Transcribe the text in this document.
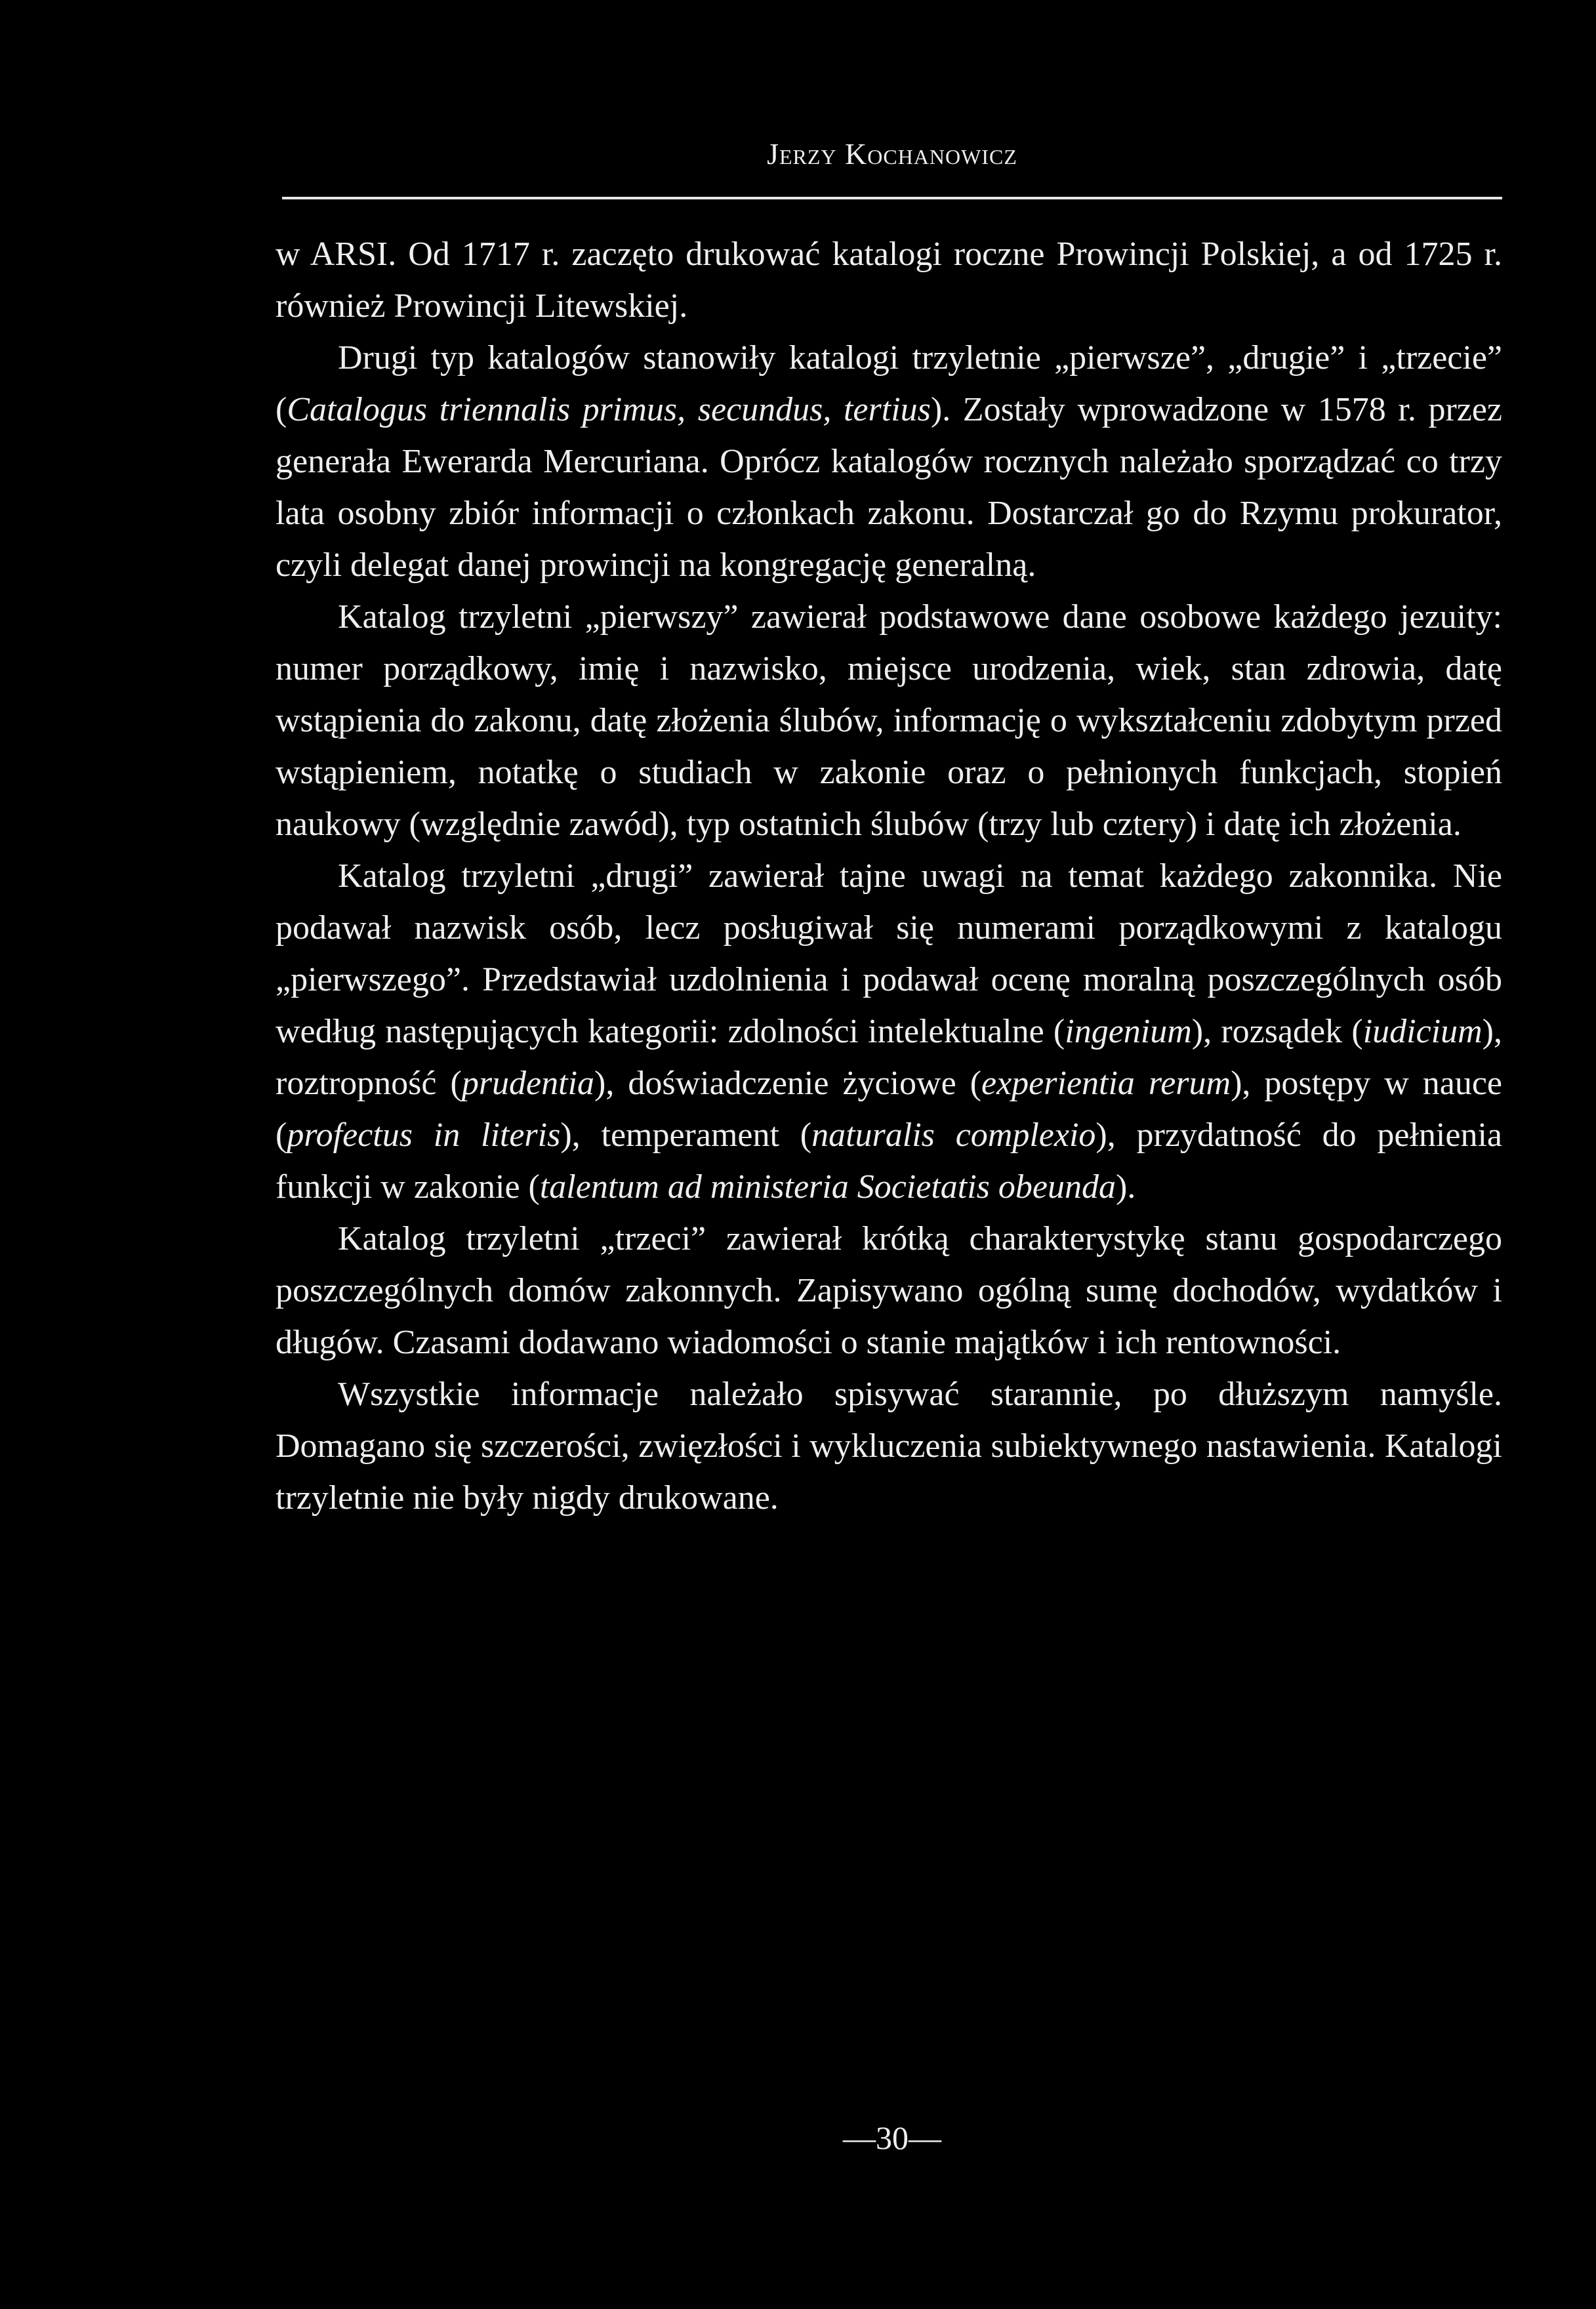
Jerzy Kochanowicz

w ARSI. Od 1717 r. zaczęto drukować katalogi roczne Prowincji Polskiej, a od 1725 r. również Prowincji Litewskiej.

Drugi typ katalogów stanowiły katalogi trzyletnie „pierwsze”, „drugie” i „trzecie” (Catalogus triennalis primus, secundus, tertius). Zostały wprowadzone w 1578 r. przez generała Ewerarda Mercuriana. Oprócz katalogów rocznych należało sporządzać co trzy lata osobny zbiór informacji o członkach zakonu. Dostarczał go do Rzymu prokurator, czyli delegat danej prowincji na kongregację generalną.

Katalog trzyletni „pierwszy” zawierał podstawowe dane osobowe każdego jezuity: numer porządkowy, imię i nazwisko, miejsce urodzenia, wiek, stan zdrowia, datę wstąpienia do zakonu, datę złożenia ślubów, informację o wykształceniu zdobytym przed wstąpieniem, notatkę o studiach w zakonie oraz o pełnionych funkcjach, stopień naukowy (względnie zawód), typ ostatnich ślubów (trzy lub cztery) i datę ich złożenia.

Katalog trzyletni „drugi” zawierał tajne uwagi na temat każdego zakonnika. Nie podawał nazwisk osób, lecz posługiwał się numerami porządkowymi z katalogu „pierwszego”. Przedstawiał uzdolnienia i podawał ocenę moralną poszczególnych osób według następujących kategorii: zdolności intelektualne (ingenium), rozsądek (iudicium), roztropność (prudentia), doświadczenie życiowe (experientia rerum), postępy w nauce (profectus in literis), temperament (naturalis complexio), przydatność do pełnienia funkcji w zakonie (talentum ad ministeria Societatis obeunda).

Katalog trzyletni „trzeci” zawierał krótką charakterystykę stanu gospodarczego poszczególnych domów zakonnych. Zapisywano ogólną sumę dochodów, wydatków i długów. Czasami dodawano wiadomości o stanie majątków i ich rentowności.

Wszystkie informacje należało spisywać starannie, po dłuższym namyśle. Domagano się szczerości, zwięzłości i wykluczenia subiektywnego nastawienia. Katalogi trzyletnie nie były nigdy drukowane.

—30—
